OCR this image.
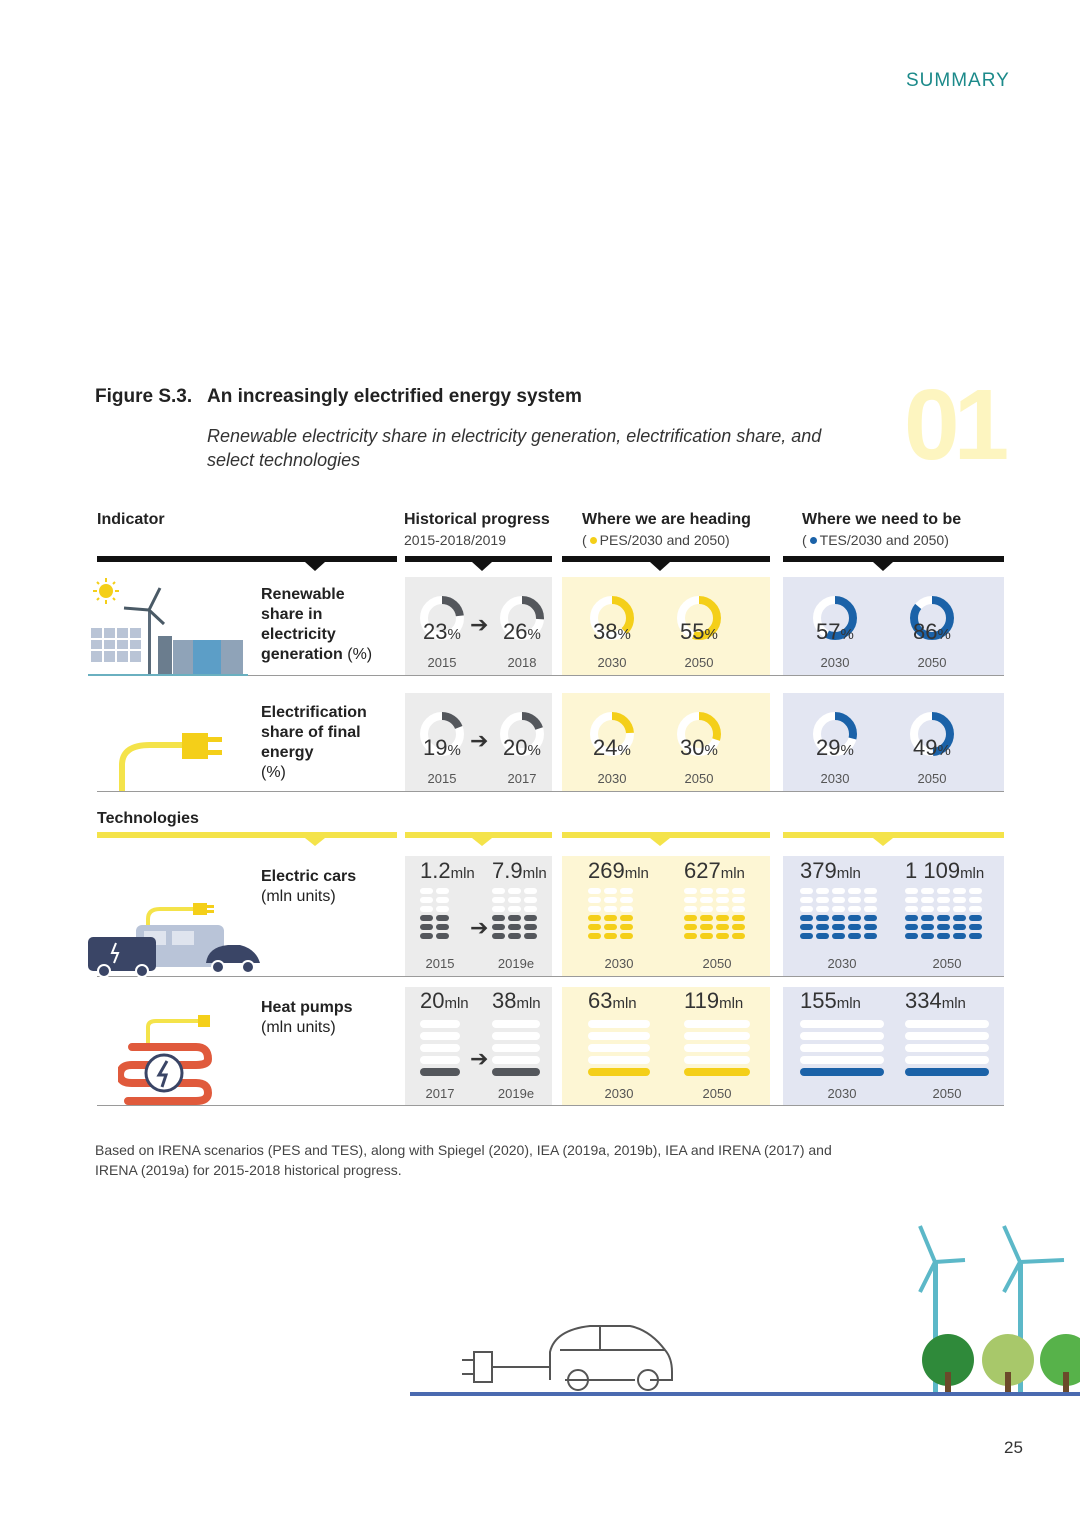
SUMMARY
Figure S.3. An increasingly electrified energy system
Renewable electricity share in electricity generation, electrification share, and select technologies	01
Indicator	Historical progress
2015-2018/2019
Where we are heading
( PES/2030 and 2050)
Where we need to be
( TES/2030 and 2050)
Technologies
Renewable share in electricity generation (%)
Electrification share of final energy
(%)
Electric cars
(mln units)
Heat pumps
(mln units)
➔
➔
➔
➔
Based on IRENA scenarios (PES and TES), along with Spiegel (2020), IEA (2019a, 2019b), IEA and IRENA (2017) and IRENA (2019a) for 2015-2018 historical progress.
25
23%
2015
26%
2018
38%
2030
55%
2050
57%
2030
86%
2050
19%
2015
20%
2017
24%
2030
30%
2050
29%
2030
49%
2050
1.2mln
2015
7.9mln
2019e
269mln
2030
627mln
2050
379mln
2030
1 109mln
2050
20mln
2017
38mln
2019e
63mln
2030
119mln
2050
155mln
2030
334mln
2050
